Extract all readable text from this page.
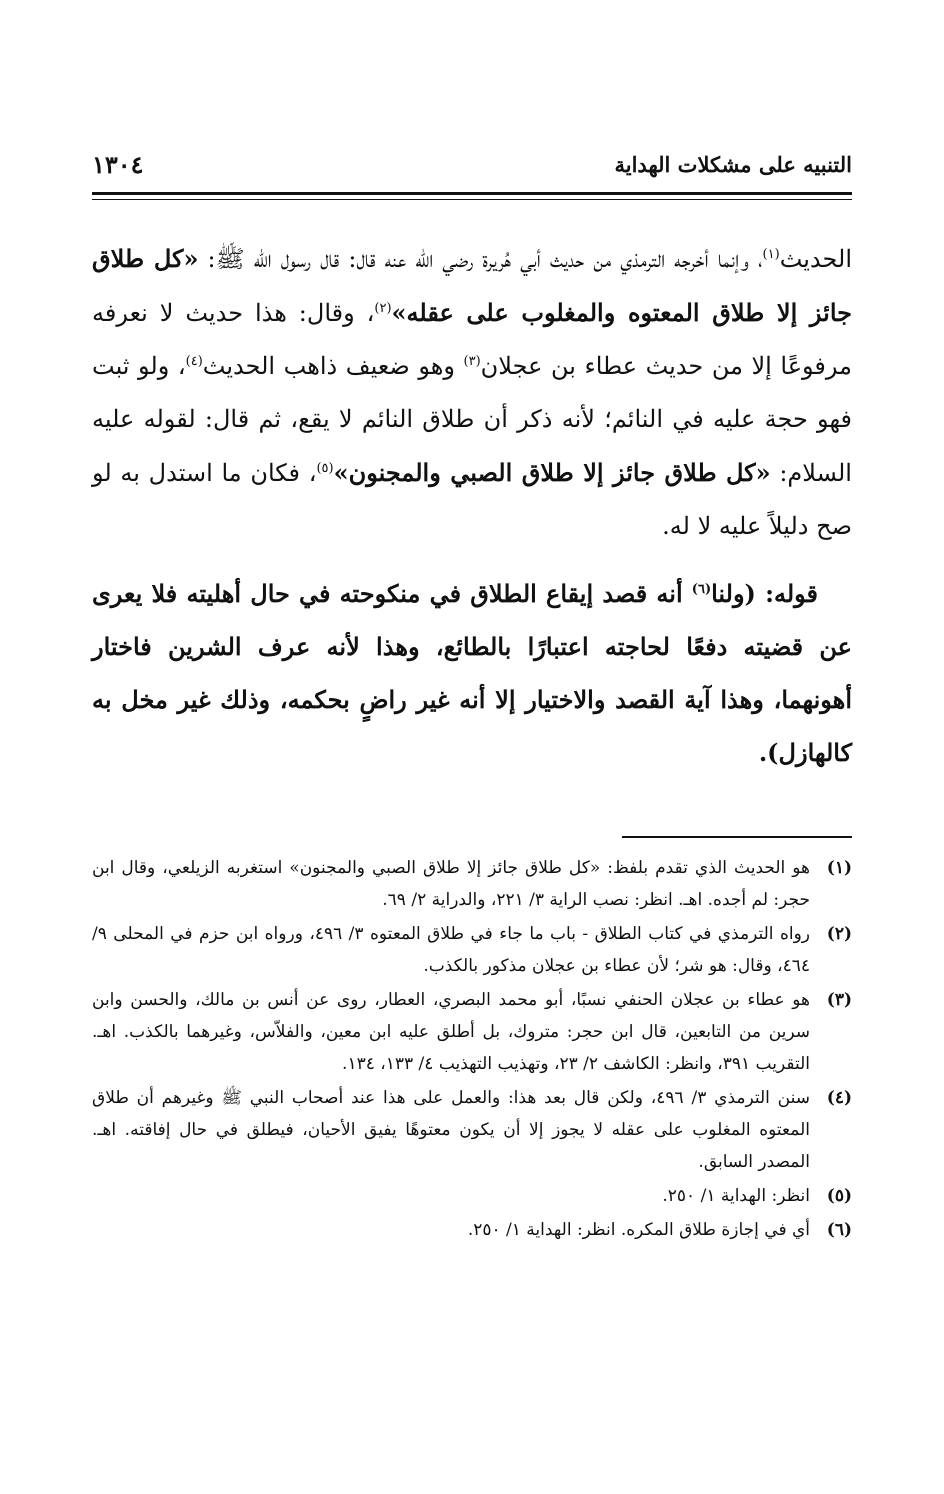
التنبيه على مشكلات الهداية
١٣٠٤

الحديث$^{(١)}$، وإنما أخرجه الترمذي من حديث أبي هُريرة رضي الله عنه قال: قال رسول الله ﷺ: «كل طلاق جائز إلا طلاق المعتوه والمغلوب على عقله»$^{(٢)}$، وقال: هذا حديث لا نعرفه مرفوعًا إلا من حديث عطاء بن عجلان$^{(٣)}$ وهو ضعيف ذاهب الحديث$^{(٤)}$، ولو ثبت فهو حجة عليه في النائم؛ لأنه ذكر أن طلاق النائم لا يقع، ثم قال: لقوله عليه السلام: «كل طلاق جائز إلا طلاق الصبي والمجنون»$^{(٥)}$، فكان ما استدل به لو صح دليلاً عليه لا له.

قوله: (ولنا$^{(٦)}$ أنه قصد إيقاع الطلاق في منكوحته في حال أهليته فلا يعرى عن قضيته دفعًا لحاجته اعتبارًا بالطائع، وهذا لأنه عرف الشرين فاختار أهونهما، وهذا آية القصد والاختيار إلا أنه غير راضٍ بحكمه، وذلك غير مخل به كالهازل).

(١)
هو الحديث الذي تقدم بلفظ: «كل طلاق جائز إلا طلاق الصبي والمجنون» استغربه الزيلعي، وقال ابن حجر: لم أجده. اهـ. انظر: نصب الراية ٣/ ٢٢١، والدراية ٢/ ٦٩.
(٢)
رواه الترمذي في كتاب الطلاق - باب ما جاء في طلاق المعتوه ٣/ ٤٩٦، ورواه ابن حزم في المحلى ٩/ ٤٦٤، وقال: هو شر؛ لأن عطاء بن عجلان مذكور بالكذب.
(٣)
هو عطاء بن عجلان الحنفي نسبًا، أبو محمد البصري، العطار، روى عن أنس بن مالك، والحسن وابن سرين من التابعين، قال ابن حجر: متروك، بل أطلق عليه ابن معين، والفلاّس، وغيرهما بالكذب. اهـ. التقريب ٣٩١، وانظر: الكاشف ٢/ ٢٣، وتهذيب التهذيب ٤/ ١٣٣، ١٣٤.
(٤)
سنن الترمذي ٣/ ٤٩٦، ولكن قال بعد هذا: والعمل على هذا عند أصحاب النبي ﷺ وغيرهم أن طلاق المعتوه المغلوب على عقله لا يجوز إلا أن يكون معتوهًا يفيق الأحيان، فيطلق في حال إفاقته. اهـ. المصدر السابق.
(٥)
انظر: الهداية ١/ ٢٥٠.
(٦)
أي في إجازة طلاق المكره. انظر: الهداية ١/ ٢٥٠.
